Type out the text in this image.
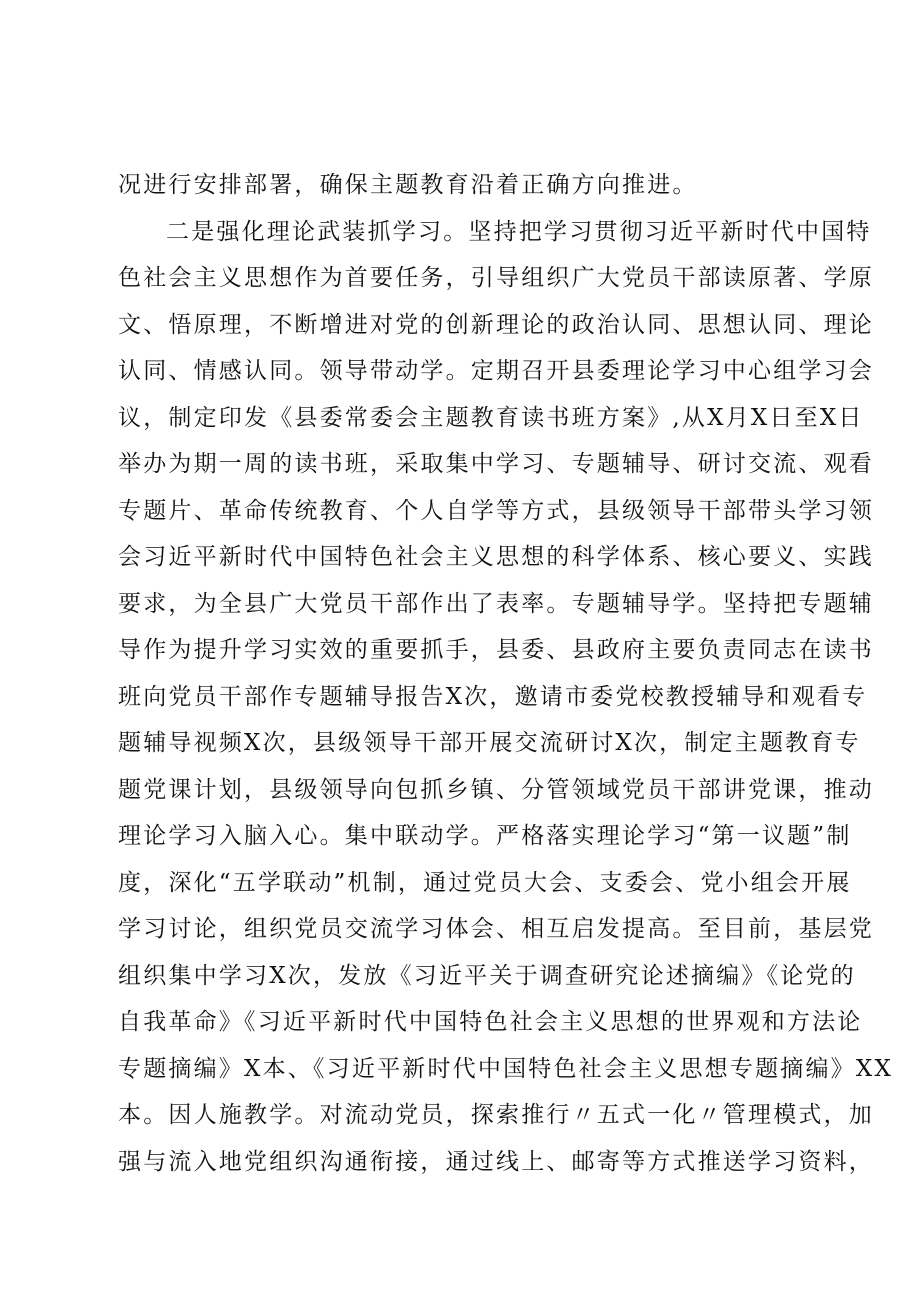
况进行安排部署，确保主题教育沿着正确方向推进。
二是强化理论武装抓学习。坚持把学习贯彻习近平新时代中国特
色社会主义思想作为首要任务，引导组织广大党员干部读原著、学原
文、悟原理，不断增进对党的创新理论的政治认同、思想认同、理论
认同、情感认同。领导带动学。定期召开县委理论学习中心组学习会
议，制定印发《县委常委会主题教育读书班方案》,从X月X日至X日
举办为期一周的读书班，采取集中学习、专题辅导、研讨交流、观看
专题片、革命传统教育、个人自学等方式，县级领导干部带头学习领
会习近平新时代中国特色社会主义思想的科学体系、核心要义、实践
要求，为全县广大党员干部作出了表率。专题辅导学。坚持把专题辅
导作为提升学习实效的重要抓手，县委、县政府主要负责同志在读书
班向党员干部作专题辅导报告X次，邀请市委党校教授辅导和观看专
题辅导视频X次，县级领导干部开展交流研讨X次，制定主题教育专
题党课计划，县级领导向包抓乡镇、分管领域党员干部讲党课，推动
理论学习入脑入心。集中联动学。严格落实理论学习“第一议题”制
度，深化“五学联动”机制，通过党员大会、支委会、党小组会开展
学习讨论，组织党员交流学习体会、相互启发提高。至目前，基层党
组织集中学习X次，发放《习近平关于调查研究论述摘编》《论党的
自我革命》《习近平新时代中国特色社会主义思想的世界观和方法论
专题摘编》X本、《习近平新时代中国特色社会主义思想专题摘编》XX
本。因人施教学。对流动党员，探索推行〃五式一化〃管理模式，加
强与流入地党组织沟通衔接，通过线上、邮寄等方式推送学习资料，
